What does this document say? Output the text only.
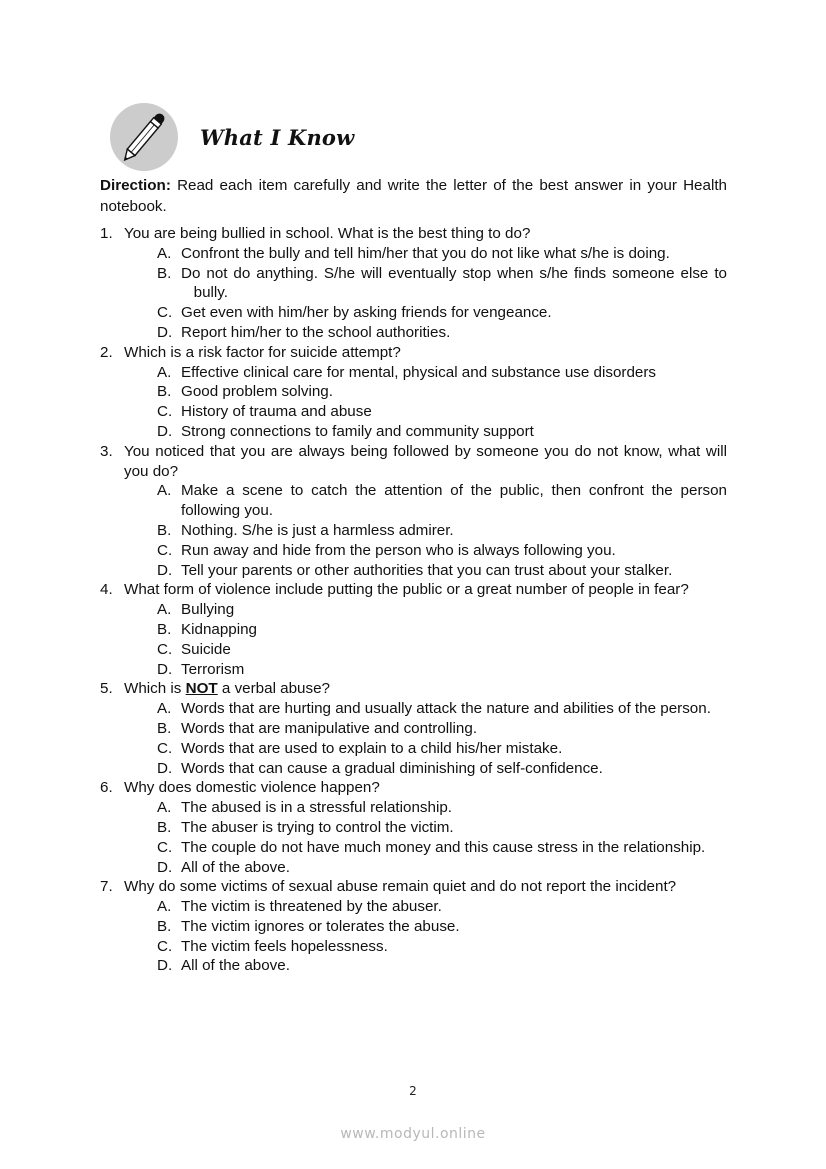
What I Know
Direction: Read each item carefully and write the letter of the best answer in your Health notebook.
1. You are being bullied in school. What is the best thing to do?
A. Confront the bully and tell him/her that you do not like what s/he is doing.
B. Do not do anything. S/he will eventually stop when s/he finds someone else to    bully.
C. Get even with him/her by asking friends for vengeance.
D. Report him/her to the school authorities.
2. Which is a risk factor for suicide attempt?
A. Effective clinical care for mental, physical and substance use disorders
B. Good problem solving.
C. History of trauma and abuse
D. Strong connections to family and community support
3. You noticed that you are always being followed by someone you do not know, what will you do?
A. Make a scene to catch the attention of the public, then confront the person following you.
B. Nothing. S/he is just a harmless admirer.
C. Run away and hide from the person who is always following you.
D. Tell your parents or other authorities that you can trust about your stalker.
4. What form of violence include putting the public or a great number of people in fear?
A. Bullying
B. Kidnapping
C. Suicide
D. Terrorism
5. Which is NOT a verbal abuse?
A. Words that are hurting and usually attack the nature and abilities of the person.
B. Words that are manipulative and controlling.
C. Words that are used to explain to a child his/her mistake.
D. Words that can cause a gradual diminishing of self-confidence.
6. Why does domestic violence happen?
A. The abused is in a stressful relationship.
B. The abuser is trying to control the victim.
C. The couple do not have much money and this cause stress in the relationship.
D. All of the above.
7. Why do some victims of sexual abuse remain quiet and do not report the incident?
A. The victim is threatened by the abuser.
B. The victim ignores or tolerates the abuse.
C. The victim feels hopelessness.
D. All of the above.
2
www.modyul.online
